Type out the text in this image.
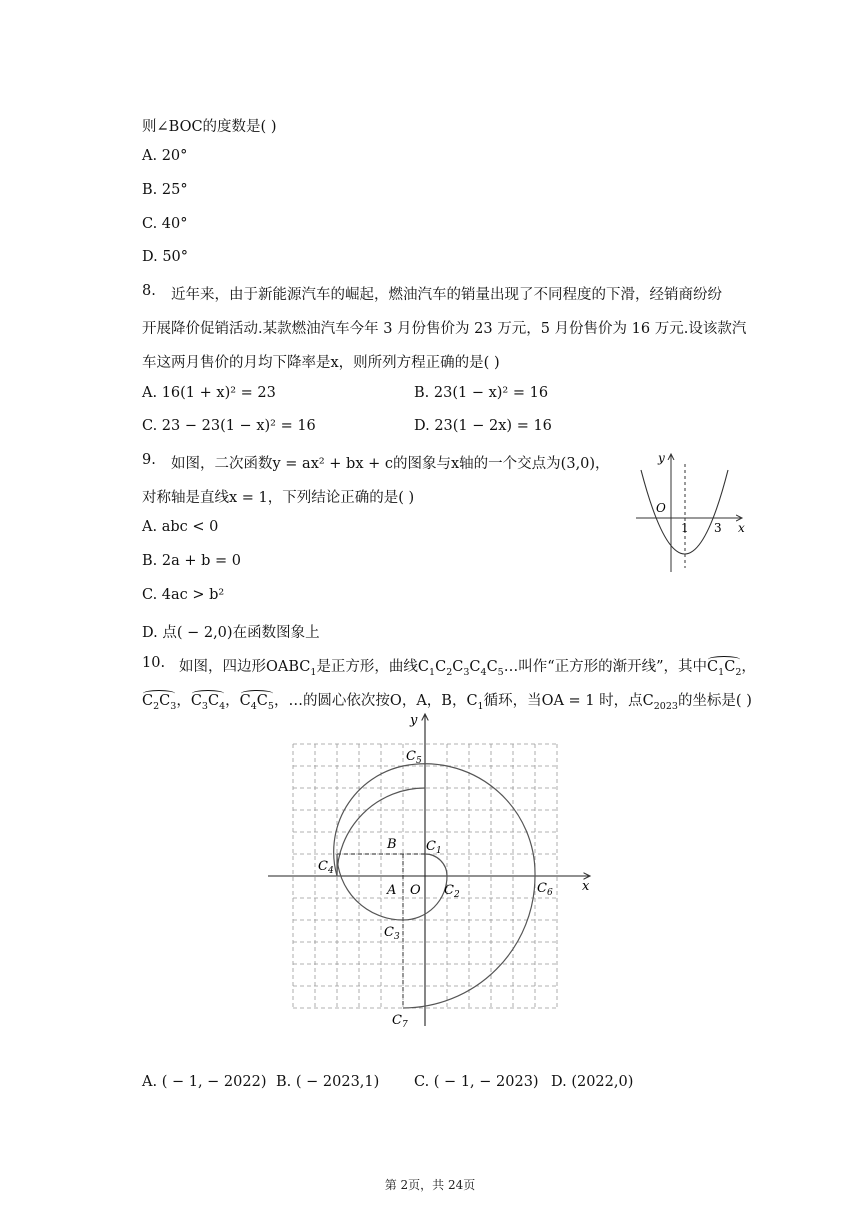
则∠BOC的度数是( )
A. 20°
B. 25°
C. 40°
D. 50°
8. 近年来，由于新能源汽车的崛起，燃油汽车的销量出现了不同程度的下滑，经销商纷纷
开展降价促销活动.某款燃油汽车今年 3 月份售价为 23 万元，5 月份售价为 16 万元.设该款汽
车这两月售价的月均下降率是x，则所列方程正确的是( )
A. 16(1 + x)² = 23	B. 23(1 − x)² = 16
C. 23 − 23(1 − x)² = 16	D. 23(1 − 2x) = 16
9. 如图，二次函数y = ax² + bx + c的图象与x轴的一个交点为(3,0)，
对称轴是直线x = 1，下列结论正确的是( )
A. abc < 0
B. 2a + b = 0
C. 4ac > b²
D. 点( − 2,0)在函数图象上
y
x
O
1 3
10. 如图，四边形$OABC_1$是正方形，曲线$C_1C_2C_3C_4C_5\dots$叫作“正方形的渐开线”，其中$C_1C_2$，
$C_2C_3$，$C_3C_4$，$C_4C_5$，…的圆心依次按O，A，B，$C_1$循环，当OA = 1 时，点$C_{2023}$的坐标是( )
x
y
O
A
B $C_1$
$C_2$
$C_3$
$C_4$
$C_5$
$C_6$
$C_7$
A. ( − 1, − 2022) B. ( − 2023,1) C. ( − 1, − 2023) D. (2022,0)
第 2页，共 24页
